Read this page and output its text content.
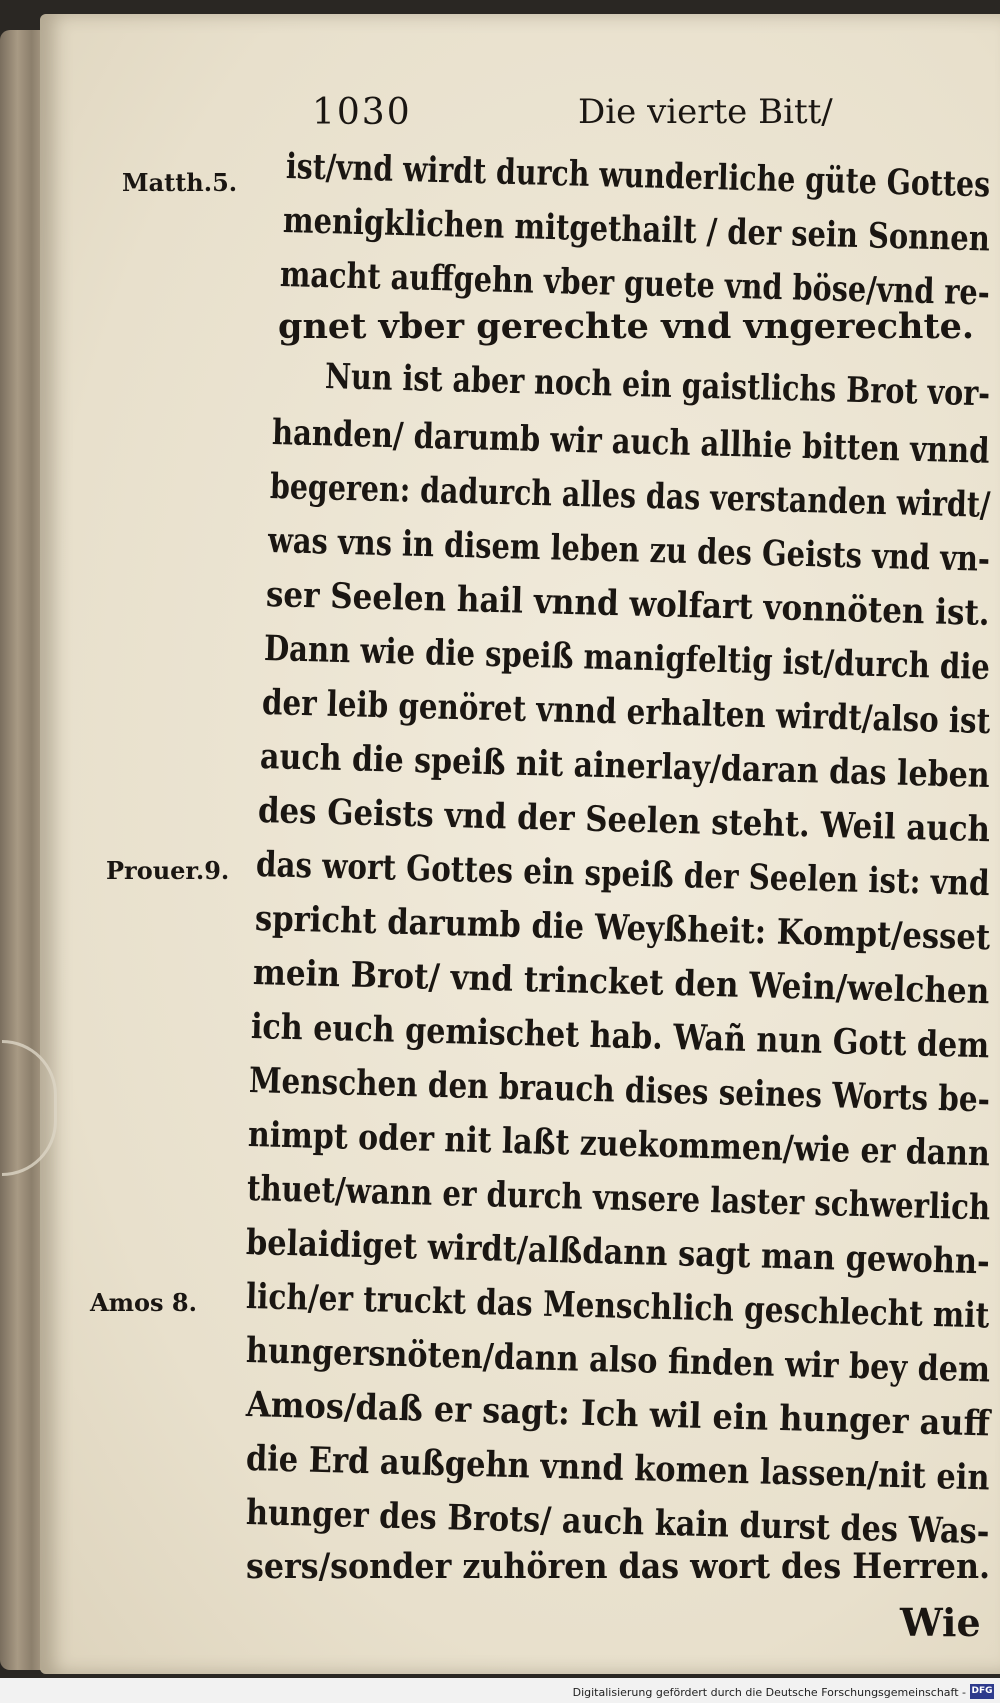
1030	Die vierte Bitt/
Matth.5.
Prouer.9.
Amos 8.
ist/vnd wirdt durch wunderliche güte Gottes
menigklichen mitgethailt / der sein Sonnen
macht auffgehn vber guete vnd böse/vnd re-
gnet vber gerechte vnd vngerechte.
Nun ist aber noch ein gaistlichs Brot vor-
handen/ darumb wir auch allhie bitten vnnd
begeren: dadurch alles das verstanden wirdt/
was vns in disem leben zu des Geists vnd vn-
ser Seelen hail vnnd wolfart vonnöten ist.
Dann wie die speiß manigfeltig ist/durch die
der leib genöret vnnd erhalten wirdt/also ist
auch die speiß nit ainerlay/daran das leben
des Geists vnd der Seelen steht. Weil auch
das wort Gottes ein speiß der Seelen ist: vnd
spricht darumb die Weyßheit: Kompt/esset
mein Brot/ vnd trincket den Wein/welchen
ich euch gemischet hab. Wañ nun Gott dem
Menschen den brauch dises seines Worts be-
nimpt oder nit laßt zuekommen/wie er dann
thuet/wann er durch vnsere laster schwerlich
belaidiget wirdt/alßdann sagt man gewohn-
lich/er truckt das Menschlich geschlecht mit
hungersnöten/dann also finden wir bey dem
Amos/daß er sagt: Ich wil ein hunger auff
die Erd außgehn vnnd komen lassen/nit ein
hunger des Brots/ auch kain durst des Was-
sers/sonder zuhören das wort des Herren.
Wie
Digitalisierung gefördert durch die Deutsche Forschungsgemeinschaft - DFG
